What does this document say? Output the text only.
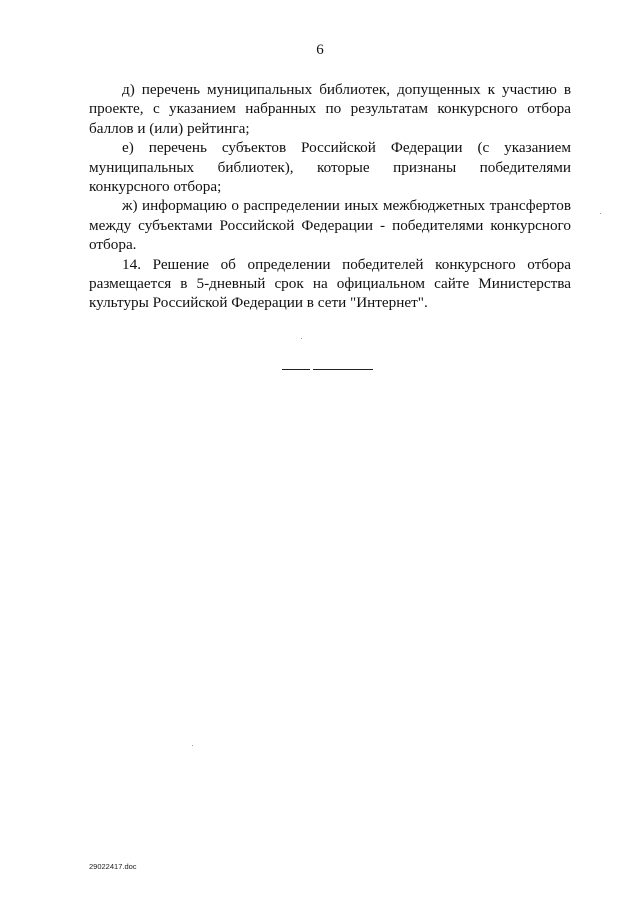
6

д) перечень муниципальных библиотек, допущенных к участию в проекте, с указанием набранных по результатам конкурсного отбора баллов и (или) рейтинга;

е) перечень субъектов Российской Федерации (с указанием муниципальных библиотек), которые признаны победителями конкурсного отбора;

ж) информацию о распределении иных межбюджетных трансфертов между субъектами Российской Федерации - победителями конкурсного отбора.

14. Решение об определении победителей конкурсного отбора размещается в 5-дневный срок на официальном сайте Министерства культуры Российской Федерации в сети "Интернет".

29022417.doc
